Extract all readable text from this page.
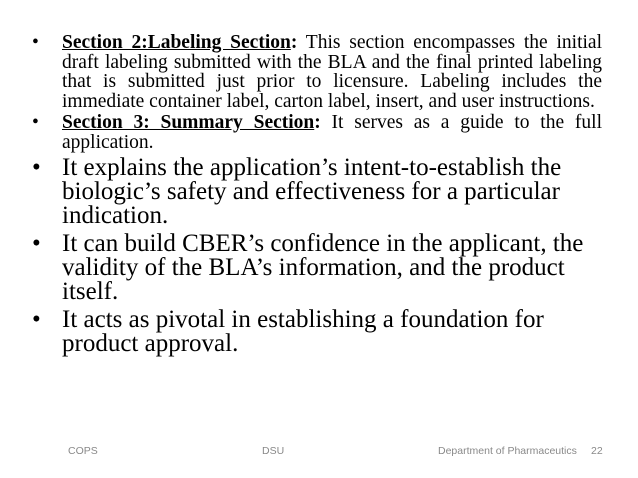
• Section 2:Labeling Section: This section encompasses the initial draft labeling submitted with the BLA and the final printed labeling that is submitted just prior to licensure. Labeling includes the immediate container label, carton label, insert, and user instructions.
• Section 3: Summary Section: It serves as a guide to the full application.
• It explains the application’s intent-to-establish the biologic’s safety and effectiveness for a particular indication.
• It can build CBER’s confidence in the applicant, the validity of the BLA’s information, and the product itself.
• It acts as pivotal in establishing a foundation for product approval.
COPS	DSU	Department of Pharmaceutics 22
